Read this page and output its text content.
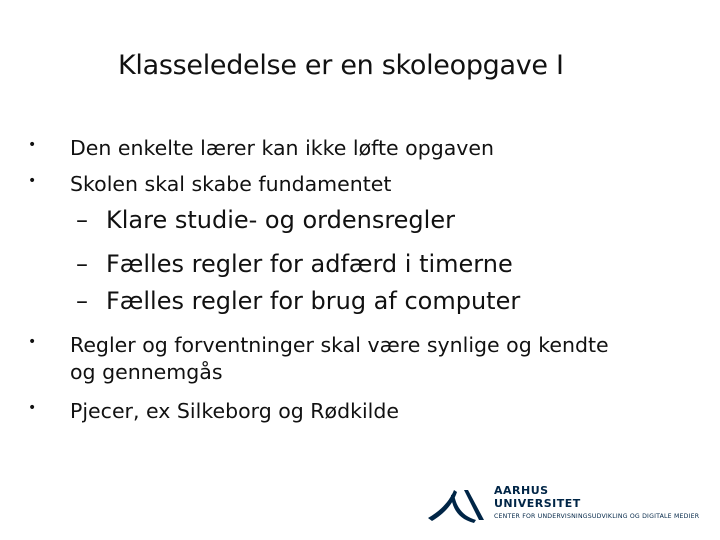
Klasseledelse er en skoleopgave I
• Den enkelte lærer kan ikke løfte opgaven
• Skolen skal skabe fundamentet
– Klare studie- og ordensregler
– Fælles regler for adfærd i timerne
– Fælles regler for brug af computer
• Regler og forventninger skal være synlige og kendte
og gennemgås
• Pjecer, ex Silkeborg og Rødkilde
AARHUS
UNIVERSITET
CENTER FOR UNDERVISNINGSUDVIKLING OG DIGITALE MEDIER
